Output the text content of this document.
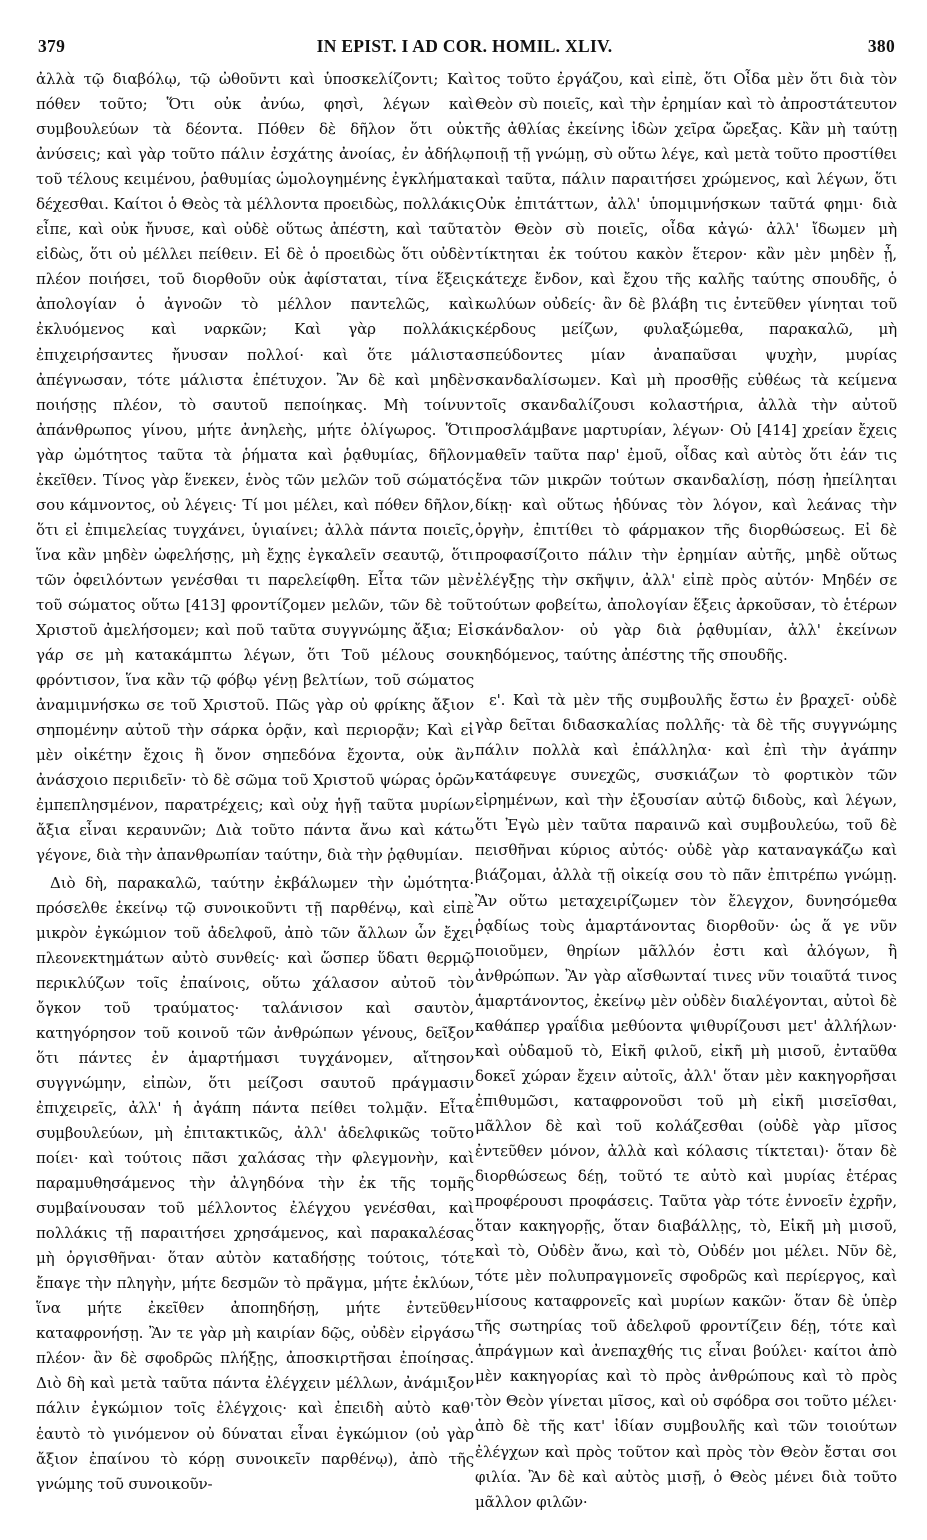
379	IN EPIST. I AD COR. HOMIL. XLIV.	380

ἀλλὰ τῷ διαβόλῳ, τῷ ὠθοῦντι καὶ ὑποσκελίζοντι; Καὶ πόθεν τοῦτο; Ὅτι οὐκ ἀνύω, φησὶ, λέγων καὶ συμβουλεύων τὰ δέοντα. Πόθεν δὲ δῆλον ὅτι οὐκ ἀνύσεις; καὶ γὰρ τοῦτο πάλιν ἐσχάτης ἀνοίας, ἐν ἀδήλῳ τοῦ τέλους κειμένου, ῥαθυμίας ὡμολογημένης ἐγκλήματα δέχεσθαι. Καίτοι ὁ Θεὸς τὰ μέλλοντα προειδὼς, πολλάκις εἶπε, καὶ οὐκ ἤνυσε, καὶ οὐδὲ οὕτως ἀπέστη, καὶ ταῦτα εἰδὼς, ὅτι οὐ μέλλει πείθειν. Εἰ δὲ ὁ προειδὼς ὅτι οὐδὲν πλέον ποιήσει, τοῦ διορθοῦν οὐκ ἀφίσταται, τίνα ἕξεις ἀπολογίαν ὁ ἀγνοῶν τὸ μέλλον παντελῶς, καὶ ἐκλυόμενος καὶ ναρκῶν; Καὶ γὰρ πολλάκις ἐπιχειρήσαντες ἤνυσαν πολλοί· καὶ ὅτε μάλιστα ἀπέγνωσαν, τότε μάλιστα ἐπέτυχον. Ἂν δὲ καὶ μηδὲν ποιήσῃς πλέον, τὸ σαυτοῦ πεποίηκας. Μὴ τοίνυν ἀπάνθρωπος γίνου, μήτε ἀνηλεὴς, μήτε ὀλίγωρος. Ὅτι γὰρ ὠμότητος ταῦτα τὰ ῥήματα καὶ ῥᾳθυμίας, δῆλον ἐκεῖθεν. Τίνος γὰρ ἕνεκεν, ἑνὸς τῶν μελῶν τοῦ σώματός σου κάμνοντος, οὐ λέγεις· Τί μοι μέλει, καὶ πόθεν δῆλον, ὅτι εἰ ἐπιμελείας τυγχάνει, ὑγιαίνει; ἀλλὰ πάντα ποιεῖς, ἵνα κἂν μηδὲν ὠφελήσῃς, μὴ ἔχῃς ἐγκαλεῖν σεαυτῷ, ὅτι τῶν ὀφειλόντων γενέσθαι τι παρελείφθη. Εἶτα τῶν μὲν τοῦ σώματος οὕτω [413] φροντίζομεν μελῶν, τῶν δὲ τοῦ Χριστοῦ ἀμελήσομεν; καὶ ποῦ ταῦτα συγγνώμης ἄξια; Εἰ γάρ σε μὴ κατακάμπτω λέγων, ὅτι Τοῦ μέλους σου φρόντισον, ἵνα κἂν τῷ φόβῳ γένῃ βελτίων, τοῦ σώματος ἀναμιμνήσκω σε τοῦ Χριστοῦ. Πῶς γὰρ οὐ φρίκης ἄξιον σηπομένην αὐτοῦ τὴν σάρκα ὁρᾷν, καὶ περιορᾷν; Καὶ εἰ μὲν οἰκέτην ἔχοις ἢ ὄνον σηπεδόνα ἔχοντα, οὐκ ἂν ἀνάσχοιο περιιδεῖν· τὸ δὲ σῶμα τοῦ Χριστοῦ ψώρας ὁρῶν ἐμπεπλησμένον, παρατρέχεις; καὶ οὐχ ἡγῇ ταῦτα μυρίων ἄξια εἶναι κεραυνῶν; Διὰ τοῦτο πάντα ἄνω καὶ κάτω γέγονε, διὰ τὴν ἀπανθρωπίαν ταύτην, διὰ τὴν ῥᾳθυμίαν.

Διὸ δὴ, παρακαλῶ, ταύτην ἐκβάλωμεν τὴν ὠμότητα· πρόσελθε ἐκείνῳ τῷ συνοικοῦντι τῇ παρθένῳ, καὶ εἰπὲ μικρὸν ἐγκώμιον τοῦ ἀδελφοῦ, ἀπὸ τῶν ἄλλων ὧν ἔχει πλεονεκτημάτων αὐτὸ συνθείς· καὶ ὥσπερ ὕδατι θερμῷ περικλύζων τοῖς ἐπαίνοις, οὕτω χάλασον αὐτοῦ τὸν ὄγκον τοῦ τραύματος· ταλάνισον καὶ σαυτὸν, κατηγόρησον τοῦ κοινοῦ τῶν ἀνθρώπων γένους, δεῖξον ὅτι πάντες ἐν ἁμαρτήμασι τυγχάνομεν, αἴτησον συγγνώμην, εἰπὼν, ὅτι μείζοσι σαυτοῦ πράγμασιν ἐπιχειρεῖς, ἀλλ' ἡ ἀγάπη πάντα πείθει τολμᾷν. Εἶτα συμβουλεύων, μὴ ἐπιτακτικῶς, ἀλλ' ἀδελφικῶς τοῦτο ποίει· καὶ τούτοις πᾶσι χαλάσας τὴν φλεγμονὴν, καὶ παραμυθησάμενος τὴν ἀλγηδόνα τὴν ἐκ τῆς τομῆς συμβαίνουσαν τοῦ μέλλοντος ἐλέγχου γενέσθαι, καὶ πολλάκις τῇ παραιτήσει χρησάμενος, καὶ παρακαλέσας μὴ ὀργισθῆναι· ὅταν αὐτὸν καταδήσῃς τούτοις, τότε ἔπαγε τὴν πληγὴν, μήτε δεσμῶν τὸ πρᾶγμα, μήτε ἐκλύων, ἵνα μήτε ἐκεῖθεν ἀποπηδήσῃ, μήτε ἐντεῦθεν καταφρονήσῃ. Ἂν τε γὰρ μὴ καιρίαν δῷς, οὐδὲν εἰργάσω πλέον· ἂν δὲ σφοδρῶς πλήξῃς, ἀποσκιρτῆσαι ἐποίησας. Διὸ δὴ καὶ μετὰ ταῦτα πάντα ἐλέγχειν μέλλων, ἀνάμιξον πάλιν ἐγκώμιον τοῖς ἐλέγχοις· καὶ ἐπειδὴ αὐτὸ καθ' ἑαυτὸ τὸ γινόμενον οὐ δύναται εἶναι ἐγκώμιον (οὐ γὰρ ἄξιον ἐπαίνου τὸ κόρῃ συνοικεῖν παρθένῳ), ἀπὸ τῆς γνώμης τοῦ συνοικοῦν-

τος τοῦτο ἐργάζου, καὶ εἰπὲ, ὅτι Οἶδα μὲν ὅτι διὰ τὸν Θεὸν σὺ ποιεῖς, καὶ τὴν ἐρημίαν καὶ τὸ ἀπροστάτευτον τῆς ἀθλίας ἐκείνης ἰδὼν χεῖρα ὤρεξας. Κἂν μὴ ταύτῃ ποιῇ τῇ γνώμῃ, σὺ οὕτω λέγε, καὶ μετὰ τοῦτο προστίθει καὶ ταῦτα, πάλιν παραιτήσει χρώμενος, καὶ λέγων, ὅτι Οὐκ ἐπιτάττων, ἀλλ' ὑπομιμνήσκων ταῦτά φημι· διὰ τὸν Θεὸν σὺ ποιεῖς, οἶδα κἀγώ· ἀλλ' ἴδωμεν μὴ τίκτηται ἐκ τούτου κακὸν ἕτερον· κἂν μὲν μηδὲν ᾖ, κάτεχε ἔνδον, καὶ ἔχου τῆς καλῆς ταύτης σπουδῆς, ὁ κωλύων οὐδείς· ἂν δὲ βλάβη τις ἐντεῦθεν γίνηται τοῦ κέρδους μείζων, φυλαξώμεθα, παρακαλῶ, μὴ σπεύδοντες μίαν ἀναπαῦσαι ψυχὴν, μυρίας σκανδαλίσωμεν. Καὶ μὴ προσθῇς εὐθέως τὰ κείμενα τοῖς σκανδαλίζουσι κολαστήρια, ἀλλὰ τὴν αὐτοῦ προσλάμβανε μαρτυρίαν, λέγων· Οὐ [414] χρείαν ἔχεις μαθεῖν ταῦτα παρ' ἐμοῦ, οἶδας καὶ αὐτὸς ὅτι ἐάν τις ἕνα τῶν μικρῶν τούτων σκανδαλίσῃ, πόσῃ ἠπείληται δίκῃ· καὶ οὕτως ἡδύνας τὸν λόγον, καὶ λεάνας τὴν ὀργὴν, ἐπιτίθει τὸ φάρμακον τῆς διορθώσεως. Εἰ δὲ προφασίζοιτο πάλιν τὴν ἐρημίαν αὐτῆς, μηδὲ οὕτως ἐλέγξῃς τὴν σκῆψιν, ἀλλ' εἰπὲ πρὸς αὐτόν· Μηδέν σε τούτων φοβείτω, ἀπολογίαν ἕξεις ἀρκοῦσαν, τὸ ἑτέρων σκάνδαλον· οὐ γὰρ διὰ ῥᾳθυμίαν, ἀλλ' ἐκείνων κηδόμενος, ταύτης ἀπέστης τῆς σπουδῆς.

ε'. Καὶ τὰ μὲν τῆς συμβουλῆς ἔστω ἐν βραχεῖ· οὐδὲ γὰρ δεῖται διδασκαλίας πολλῆς· τὰ δὲ τῆς συγγνώμης πάλιν πολλὰ καὶ ἐπάλληλα· καὶ ἐπὶ τὴν ἀγάπην κατάφευγε συνεχῶς, συσκιάζων τὸ φορτικὸν τῶν εἰρημένων, καὶ τὴν ἐξουσίαν αὐτῷ διδοὺς, καὶ λέγων, ὅτι Ἐγὼ μὲν ταῦτα παραινῶ καὶ συμβουλεύω, τοῦ δὲ πεισθῆναι κύριος αὐτός· οὐδὲ γὰρ καταναγκάζω καὶ βιάζομαι, ἀλλὰ τῇ οἰκείᾳ σου τὸ πᾶν ἐπιτρέπω γνώμῃ. Ἂν οὕτω μεταχειρίζωμεν τὸν ἔλεγχον, δυνησόμεθα ῥᾳδίως τοὺς ἁμαρτάνοντας διορθοῦν· ὡς ἅ γε νῦν ποιοῦμεν, θηρίων μᾶλλόν ἐστι καὶ ἀλόγων, ἢ ἀνθρώπων. Ἂν γὰρ αἴσθωνταί τινες νῦν τοιαῦτά τινος ἁμαρτάνοντος, ἐκείνῳ μὲν οὐδὲν διαλέγονται, αὐτοὶ δὲ καθάπερ γραΐδια μεθύοντα ψιθυρίζουσι μετ' ἀλλήλων· καὶ οὐδαμοῦ τὸ, Εἰκῆ φιλοῦ, εἰκῆ μὴ μισοῦ, ἐνταῦθα δοκεῖ χώραν ἔχειν αὐτοῖς, ἀλλ' ὅταν μὲν κακηγορῆσαι ἐπιθυμῶσι, καταφρονοῦσι τοῦ μὴ εἰκῆ μισεῖσθαι, μᾶλλον δὲ καὶ τοῦ κολάζεσθαι (οὐδὲ γὰρ μῖσος ἐντεῦθεν μόνον, ἀλλὰ καὶ κόλασις τίκτεται)· ὅταν δὲ διορθώσεως δέῃ, τοῦτό τε αὐτὸ καὶ μυρίας ἑτέρας προφέρουσι προφάσεις. Ταῦτα γὰρ τότε ἐννοεῖν ἐχρῆν, ὅταν κακηγορῇς, ὅταν διαβάλλῃς, τὸ, Εἰκῆ μὴ μισοῦ, καὶ τὸ, Οὐδὲν ἄνω, καὶ τὸ, Οὐδέν μοι μέλει. Νῦν δὲ, τότε μὲν πολυπραγμονεῖς σφοδρῶς καὶ περίεργος, καὶ μίσους καταφρονεῖς καὶ μυρίων κακῶν· ὅταν δὲ ὑπὲρ τῆς σωτηρίας τοῦ ἀδελφοῦ φροντίζειν δέῃ, τότε καὶ ἀπράγμων καὶ ἀνεπαχθής τις εἶναι βούλει· καίτοι ἀπὸ μὲν κακηγορίας καὶ τὸ πρὸς ἀνθρώπους καὶ τὸ πρὸς τὸν Θεὸν γίνεται μῖσος, καὶ οὐ σφόδρα σοι τοῦτο μέλει· ἀπὸ δὲ τῆς κατ' ἰδίαν συμβουλῆς καὶ τῶν τοιούτων ἐλέγχων καὶ πρὸς τοῦτον καὶ πρὸς τὸν Θεὸν ἔσται σοι φιλία. Ἂν δὲ καὶ αὐτὸς μισῇ, ὁ Θεὸς μένει διὰ τοῦτο μᾶλλον φιλῶν·
